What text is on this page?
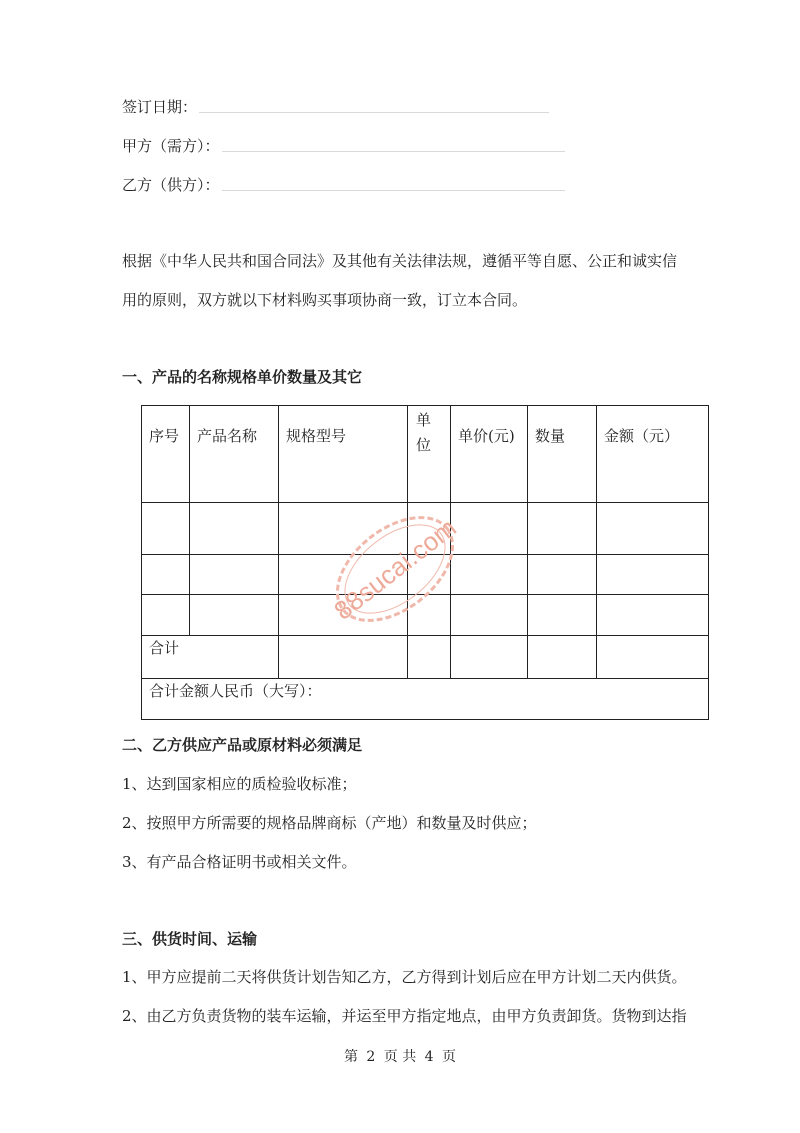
签订日期：
甲方（需方）：
乙方（供方）：
根据《中华人民共和国合同法》及其他有关法律法规，遵循平等自愿、公正和诚实信
用的原则，双方就以下材料购买事项协商一致，订立本合同。
一、产品的名称规格单价数量及其它
序号	产品名称	规格型号	单位	单价(元)	数量	金额（元）

合计						
合计金额人民币（大写）：						
88sucai.com
二、乙方供应产品或原材料必须满足
1、达到国家相应的质检验收标准；
2、按照甲方所需要的规格品牌商标（产地）和数量及时供应；
3、有产品合格证明书或相关文件。
三、供货时间、运输
1、甲方应提前二天将供货计划告知乙方，乙方得到计划后应在甲方计划二天内供货。
2、由乙方负责货物的装车运输，并运至甲方指定地点，由甲方负责卸货。货物到达指
第 2 页 共 4 页
